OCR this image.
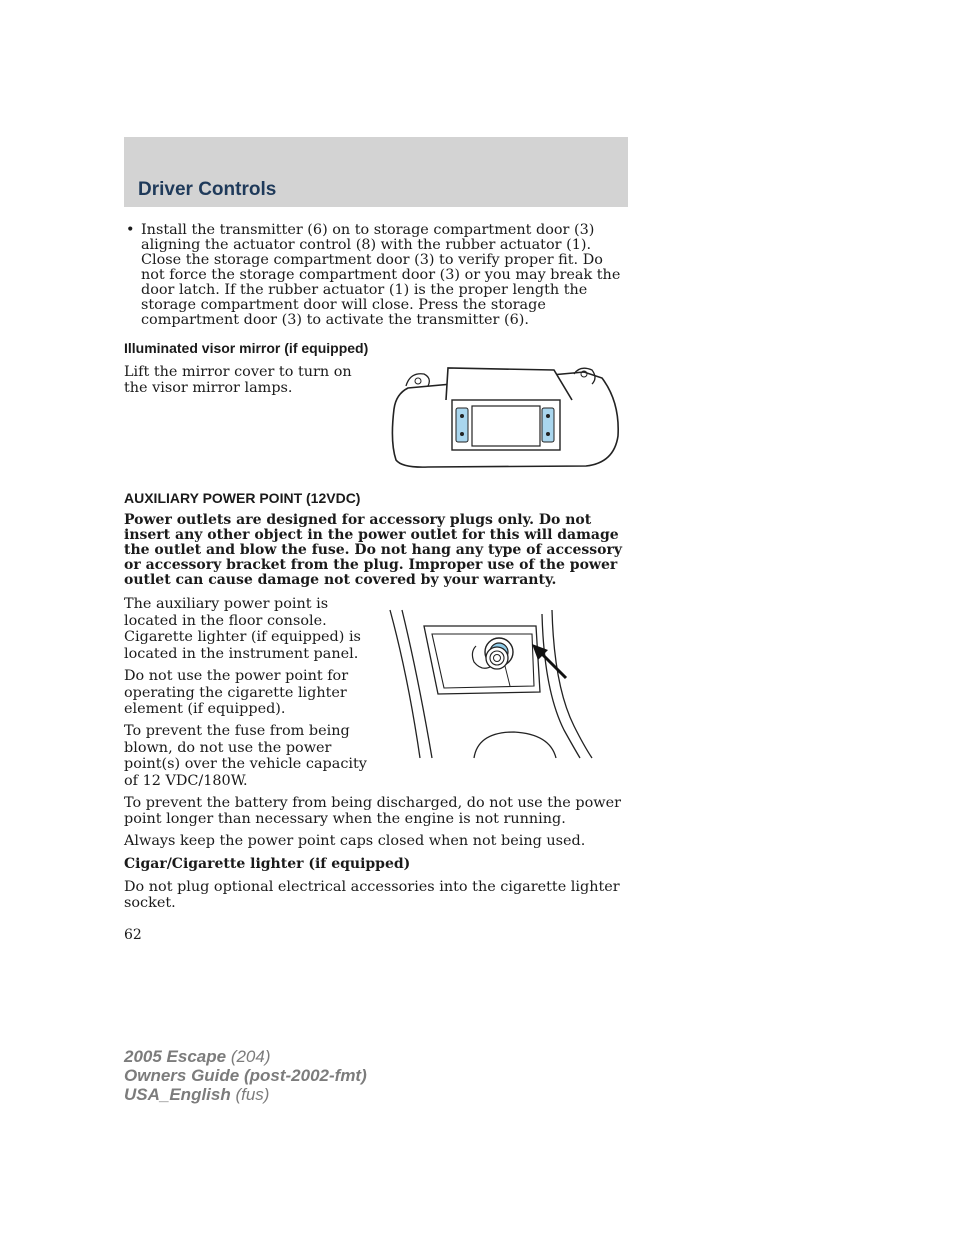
Driver Controls
• Install the transmitter (6) on to storage compartment door (3) aligning the actuator control (8) with the rubber actuator (1). Close the storage compartment door (3) to verify proper fit. Do not force the storage compartment door (3) or you may break the door latch. If the rubber actuator (1) is the proper length the storage compartment door will close. Press the storage compartment door (3) to activate the transmitter (6).
Illuminated visor mirror (if equipped)
Lift the mirror cover to turn on the visor mirror lamps.
AUXILIARY POWER POINT (12VDC)
Power outlets are designed for accessory plugs only. Do not insert any other object in the power outlet for this will damage the outlet and blow the fuse. Do not hang any type of accessory or accessory bracket from the plug. Improper use of the power outlet can cause damage not covered by your warranty.
The auxiliary power point is located in the floor console. Cigarette lighter (if equipped) is located in the instrument panel.
Do not use the power point for operating the cigarette lighter element (if equipped).
To prevent the fuse from being blown, do not use the power point(s) over the vehicle capacity of 12 VDC/180W.
To prevent the battery from being discharged, do not use the power point longer than necessary when the engine is not running.
Always keep the power point caps closed when not being used.
Cigar/Cigarette lighter (if equipped)
Do not plug optional electrical accessories into the cigarette lighter socket.
62
2005 Escape (204)
Owners Guide (post-2002-fmt)
USA_English (fus)
